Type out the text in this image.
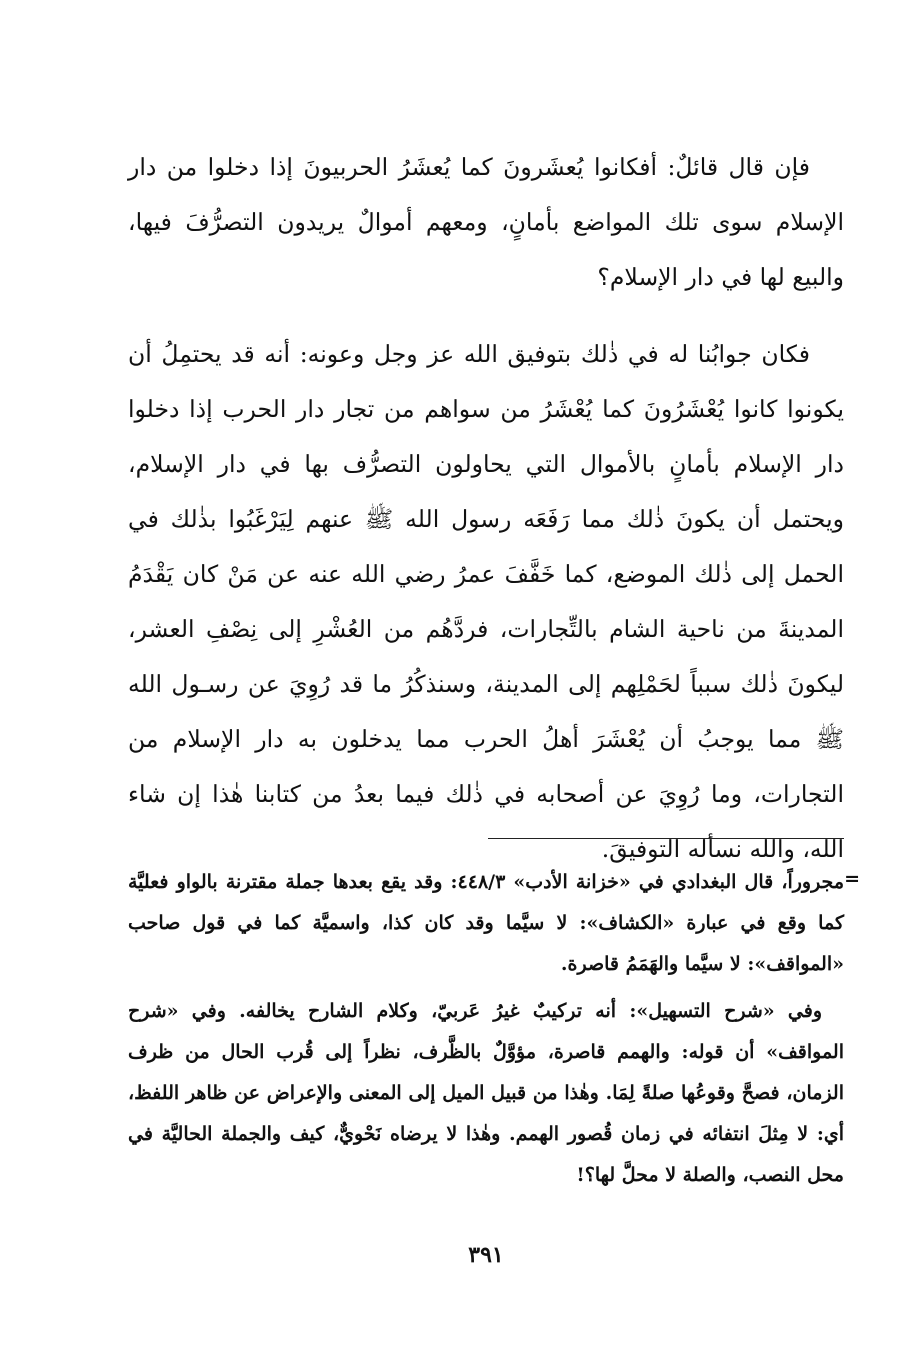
فإن قال قائلٌ: أفكانوا يُعشَرونَ كما يُعشَرُ الحربيونَ إذا دخلوا من دار الإسلام سوى تلك المواضع بأمانٍ، ومعهم أموالٌ يريدون التصرُّفَ فيها، والبيع لها في دار الإسلام؟

فكان جوابُنا له في ذٰلك بتوفيق الله عز وجل وعونه: أنه قد يحتمِلُ أن يكونوا كانوا يُعْشَرُونَ كما يُعْشَرُ من سواهم من تجار دار الحرب إذا دخلوا دار الإسلام بأمانٍ بالأموال التي يحاولون التصرُّف بها في دار الإسلام، ويحتمل أن يكونَ ذٰلك مما رَفَعَه رسول الله ﷺ عنهم لِيَرْغَبُوا بذٰلك في الحمل إلى ذٰلك الموضع، كما خَفَّفَ عمرُ رضي الله عنه عن مَنْ كان يَقْدَمُ المدينةَ من ناحية الشام بالتِّجارات، فردَّهُم من العُشْرِ إلى نِصْفِ العشر، ليكونَ ذٰلك سبباً لحَمْلِهم إلى المدينة، وسنذكُرُ ما قد رُوِيَ عن رسـول الله ﷺ مما يوجبُ أن يُعْشَرَ أهلُ الحرب مما يدخلون به دار الإسلام من التجارات، وما رُوِيَ عن أصحابه في ذٰلك فيما بعدُ من كتابنا هٰذا إن شاء الله، والله نسأله التوفيقَ.

=

مجروراً، قال البغدادي في «خزانة الأدب» ٤٤٨/٣: وقد يقع بعدها جملة مقترنة بالواو فعليَّة كما وقع في عبارة «الكشاف»: لا سيَّما وقد كان كذا، واسميَّة كما في قول صاحب «المواقف»: لا سيَّما والهَمَمُ قاصرة.

وفي «شرح التسهيل»: أنه تركيبٌ غيرُ عَربيّ، وكلام الشارح يخالفه. وفي «شرح المواقف» أن قوله: والهمم قاصرة، مؤوَّلٌ بالظَّرف، نظراً إلى قُرب الحال من ظرف الزمان، فصحَّ وقوعُها صلةً لِمَا. وهٰذا من قبيل الميل إلى المعنى والإعراض عن ظاهر اللفظ، أي: لا مِثلَ انتفائه في زمان قُصور الهمم. وهٰذا لا يرضاه نَحْويٌّ، كيف والجملة الحاليَّة في محل النصب، والصلة لا محلَّ لها؟!

٣٩١
